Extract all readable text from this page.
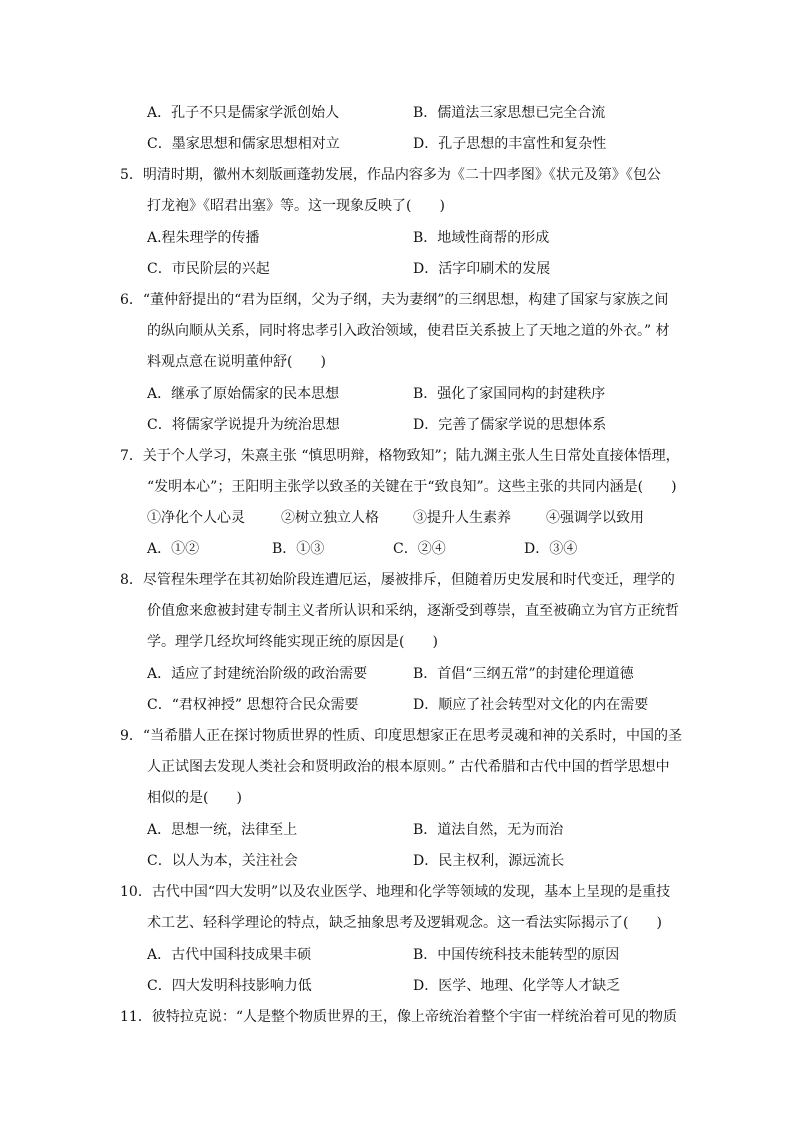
A．孔子不只是儒家学派创始人	B．儒道法三家思想已完全合流
C．墨家思想和儒家思想相对立	D．孔子思想的丰富性和复杂性
5．明清时期，徽州木刻版画蓬勃发展，作品内容多为《二十四孝图》《状元及第》《包公
打龙袍》《昭君出塞》等。这一现象反映了(　　)
A.程朱理学的传播	B．地域性商帮的形成
C．市民阶层的兴起	D．活字印刷术的发展
6．“董仲舒提出的“君为臣纲，父为子纲，夫为妻纲”的三纲思想，构建了国家与家族之间
的纵向顺从关系，同时将忠孝引入政治领域，使君臣关系披上了天地之道的外衣。” 材
料观点意在说明董仲舒(　　)
A．继承了原始儒家的民本思想	B．强化了家国同构的封建秩序
C．将儒家学说提升为统治思想	D．完善了儒家学说的思想体系
7．关于个人学习，朱熹主张 “慎思明辩，格物致知”；陆九渊主张人生日常处直接体悟理，
“发明本心”；王阳明主张学以致圣的关键在于“致良知”。这些主张的共同内涵是(　　)
①净化个人心灵	②树立独立人格 ③提升人生素养	④强调学以致用
A．①②	B．①③	C．②④	D．③④
8．尽管程朱理学在其初始阶段连遭厄运，屡被排斥，但随着历史发展和时代变迁，理学的
价值愈来愈被封建专制主义者所认识和采纳，逐渐受到尊崇，直至被确立为官方正统哲
学。理学几经坎坷终能实现正统的原因是(　　)
A．适应了封建统治阶级的政治需要	B．首倡“三纲五常”的封建伦理道德
C．“君权神授” 思想符合民众需要	D．顺应了社会转型对文化的内在需要
9．“当希腊人正在探讨物质世界的性质、印度思想家正在思考灵魂和神的关系时，中国的圣
人正试图去发现人类社会和贤明政治的根本原则。” 古代希腊和古代中国的哲学思想中
相似的是(　　)
A．思想一统，法律至上	B．道法自然，无为而治
C．以人为本，关注社会	D．民主权利，源远流长
10．古代中国“四大发明”以及农业医学、地理和化学等领域的发现，基本上呈现的是重技
术工艺、轻科学理论的特点，缺乏抽象思考及逻辑观念。这一看法实际揭示了(　　)
A．古代中国科技成果丰硕	B．中国传统科技未能转型的原因
C．四大发明科技影响力低	D．医学、地理、化学等人才缺乏
11．彼特拉克说：“人是整个物质世界的王，像上帝统治着整个宇宙一样统治着可见的物质
